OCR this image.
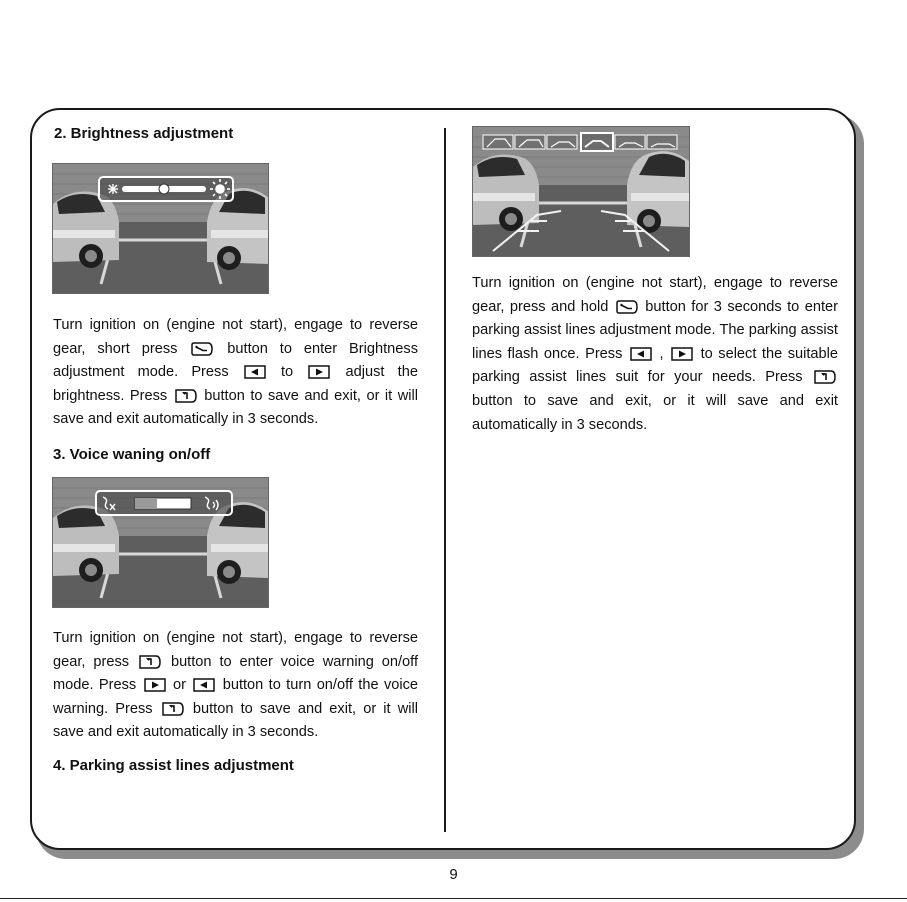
2. Brightness adjustment
Turn ignition on (engine not start), engage to reverse gear, short press	button to enter Brightness adjustment mode. Press	to	adjust the brightness. Press	button to save and exit, or it will save and exit automatically in 3 seconds.
3. Voice waning on/off
Turn ignition on (engine not start), engage to reverse gear, press	button to enter voice warning on/off mode. Press	or	button to turn on/off the voice warning. Press	button to save and exit, or it will save and exit automatically in 3 seconds.
4. Parking assist lines adjustment
Turn ignition on (engine not start), engage to reverse gear, press and hold	button for 3 seconds to enter parking assist lines adjustment mode. The parking assist lines flash once. Press	,	to select the suitable parking assist lines suit for your needs. Press
button to save and exit, or it will save and exit automatically in 3 seconds.
9
